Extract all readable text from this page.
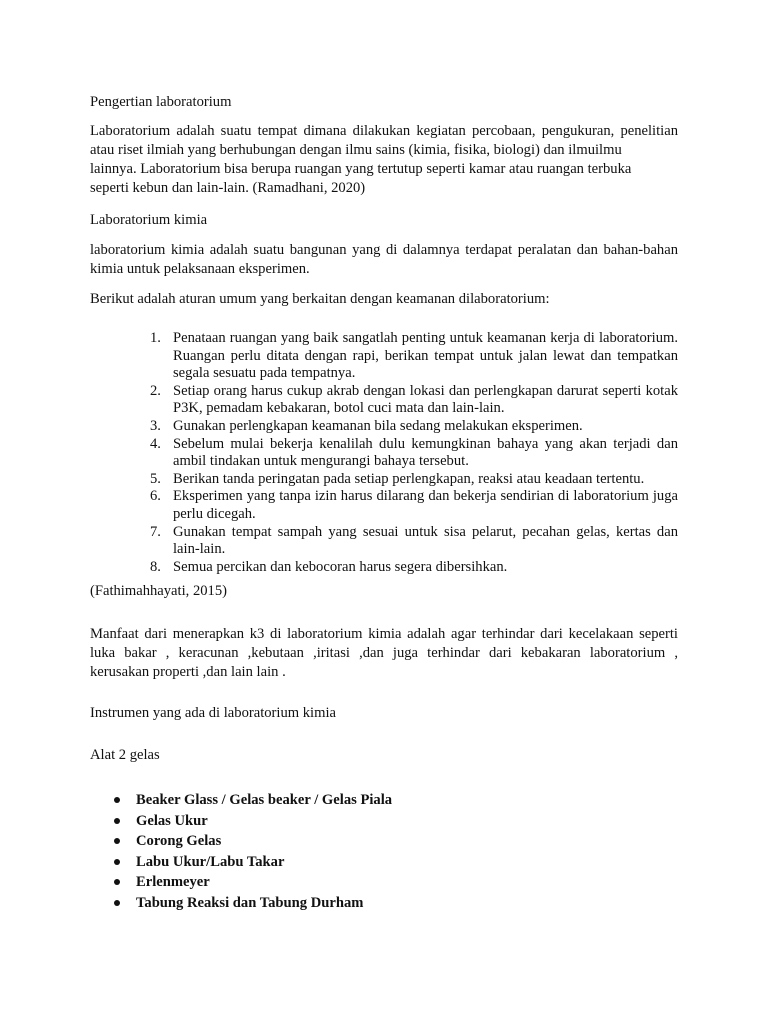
Pengertian laboratorium

Laboratorium adalah suatu tempat dimana dilakukan kegiatan percobaan, pengukuran, penelitian
atau riset ilmiah yang berhubungan dengan ilmu sains (kimia, fisika, biologi) dan ilmuilmu
lainnya. Laboratorium bisa berupa ruangan yang tertutup seperti kamar atau ruangan terbuka
seperti kebun dan lain-lain. (Ramadhani, 2020)

Laboratorium kimia

laboratorium kimia adalah suatu bangunan yang di dalamnya terdapat peralatan dan bahan-bahan
kimia untuk pelaksanaan eksperimen.

Berikut adalah aturan umum yang berkaitan dengan keamanan dilaboratorium:

1. Penataan ruangan yang baik sangatlah penting untuk keamanan kerja di laboratorium. Ruangan perlu ditata dengan rapi, berikan tempat untuk jalan lewat dan tempatkan segala sesuatu pada tempatnya.
2. Setiap orang harus cukup akrab dengan lokasi dan perlengkapan darurat seperti kotak P3K, pemadam kebakaran, botol cuci mata dan lain-lain.
3. Gunakan perlengkapan keamanan bila sedang melakukan eksperimen.
4. Sebelum mulai bekerja kenalilah dulu kemungkinan bahaya yang akan terjadi dan ambil tindakan untuk mengurangi bahaya tersebut.
5. Berikan tanda peringatan pada setiap perlengkapan, reaksi atau keadaan tertentu.
6. Eksperimen yang tanpa izin harus dilarang dan bekerja sendirian di laboratorium juga perlu dicegah.
7. Gunakan tempat sampah yang sesuai untuk sisa pelarut, pecahan gelas, kertas dan lain-lain.
8. Semua percikan dan kebocoran harus segera dibersihkan.

(Fathimahhayati, 2015)

Manfaat dari menerapkan k3 di laboratorium kimia adalah agar terhindar dari kecelakaan seperti
luka bakar , keracunan ,kebutaan ,iritasi ,dan juga terhindar dari kebakaran laboratorium ,
kerusakan properti ,dan lain lain .

Instrumen yang ada di laboratorium kimia

Alat 2 gelas

Beaker Glass / Gelas beaker / Gelas Piala
Gelas Ukur
Corong Gelas
Labu Ukur/Labu Takar
Erlenmeyer
Tabung Reaksi dan Tabung Durham
